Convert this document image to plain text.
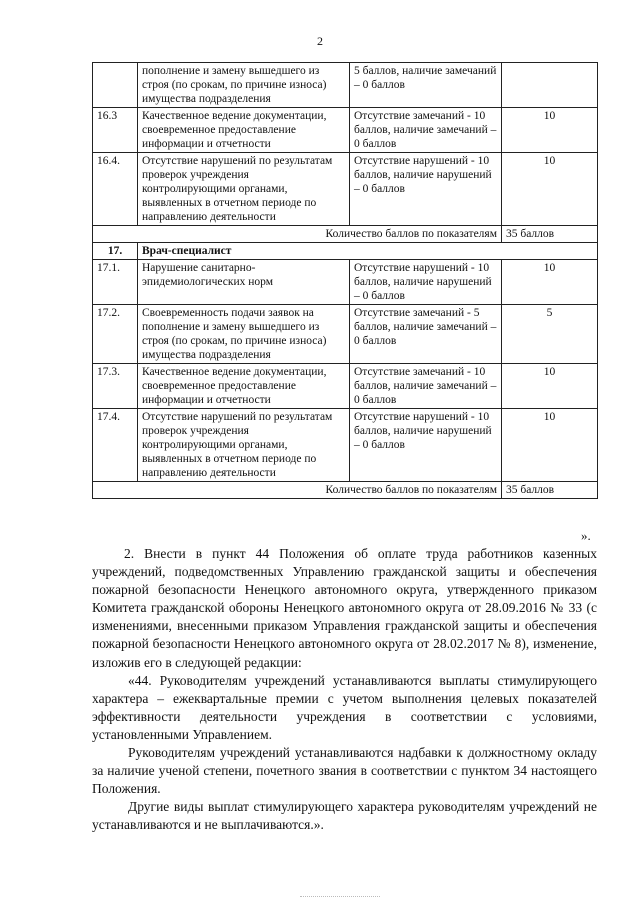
2
	пополнение и замену вышедшего из строя (по срокам, по причине износа) имущества подразделения	5 баллов, наличие замечаний – 0 баллов	
16.3	Качественное ведение документации, своевременное предоставление информации и отчетности	Отсутствие замечаний - 10 баллов, наличие замечаний – 0 баллов	10
16.4.	Отсутствие нарушений по результатам проверок учреждения контролирующими органами, выявленных в отчетном периоде по направлению деятельности	Отсутствие нарушений - 10 баллов, наличие нарушений – 0 баллов	10
Количество баллов по показателям			35 баллов
17.	Врач-специалист		
17.1.	Нарушение санитарно-эпидемиологических норм	Отсутствие нарушений - 10 баллов, наличие нарушений – 0 баллов	10
17.2.	Своевременность подачи заявок на пополнение и замену вышедшего из строя (по срокам, по причине износа) имущества подразделения	Отсутствие замечаний - 5 баллов, наличие замечаний – 0 баллов	5
17.3.	Качественное ведение документации, своевременное предоставление информации и отчетности	Отсутствие замечаний - 10 баллов, наличие замечаний – 0 баллов	10
17.4.	Отсутствие нарушений по результатам проверок учреждения контролирующими органами, выявленных в отчетном периоде по направлению деятельности	Отсутствие нарушений - 10 баллов, наличие нарушений – 0 баллов	10
Количество баллов по показателям			35 баллов
».

2. Внести в пункт 44 Положения об оплате труда работников казенных учреждений, подведомственных Управлению гражданской защиты и обеспечения пожарной безопасности Ненецкого автономного округа, утвержденного приказом Комитета гражданской обороны Ненецкого автономного округа от 28.09.2016 № 33 (с изменениями, внесенными приказом Управления гражданской защиты и обеспечения пожарной безопасности Ненецкого автономного округа от 28.02.2017 № 8), изменение, изложив его в следующей редакции:

«44. Руководителям учреждений устанавливаются выплаты стимулирующего характера – ежеквартальные премии с учетом выполнения целевых показателей эффективности деятельности учреждения в соответствии с условиями, установленными Управлением.

Руководителям учреждений устанавливаются надбавки к должностному окладу за наличие ученой степени, почетного звания в соответствии с пунктом 34 настоящего Положения.

Другие виды выплат стимулирующего характера руководителям учреждений не устанавливаются и не выплачиваются.».
